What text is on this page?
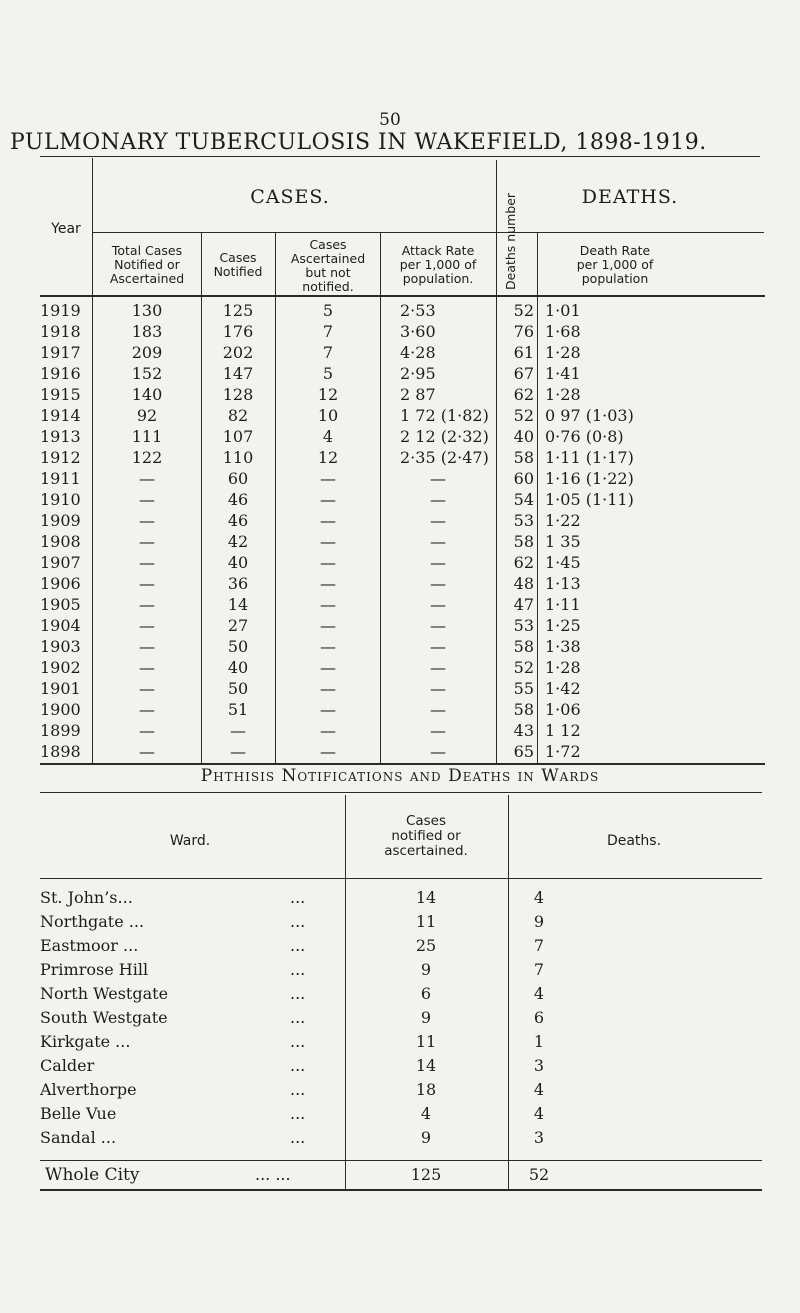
50
PULMONARY TUBERCULOSIS IN WAKEFIELD, 1898-1919.
Year
CASES.	DEATHS.
Total Cases
Notified or
Ascertained
Cases
Notified
Cases
Ascertained
but not
notified.
Attack Rate
per 1,000 of
population.	Deaths number	Death Rate
per 1,000 of
population
1919	130	125	5	2·53	52 1·01
1918	183	176	7	3·60	76 1·68
1917	209	202	7	4·28	61 1·28
1916	152	147	5	2·95	67 1·41
1915	140	128	12	2 87	62 1·28
1914	92	82	10	1 72 (1·82)	52 0 97 (1·03)
1913	111	107	4	2 12 (2·32)	40 0·76 (0·8)
1912	122	110	12	2·35 (2·47)	58 1·11 (1·17)
1911	—	60	—	—	60 1·16 (1·22)
1910	—	46	—	—	54 1·05 (1·11)
1909	—	46	—	—	53 1·22
1908	—	42	—	—	58 1 35
1907	—	40	—	—	62 1·45
1906	—	36	—	—	48 1·13
1905	—	14	—	—	47 1·11
1904	—	27	—	—	53 1·25
1903	—	50	—	—	58 1·38
1902	—	40	—	—	52 1·28
1901	—	50	—	—	55 1·42
1900	—	51	—	—	58 1·06
1899	—	—	—	—	43 1 12
1898	—	—	—	—	65 1·72
Phthisis Notifications and Deaths in Wards
Ward.
Cases
notified or
ascertained.
Deaths.
St. John’s...	...	14	4
Northgate ...	...	11	9
Eastmoor ...	...	25	7
Primrose Hill	...	9	7
North Westgate	...	6	4
South Westgate	...	9	6
Kirkgate ...	...	11	1
Calder	...	14	3
Alverthorpe	...	18	4
Belle Vue	...	4	4
Sandal ...	...	9	3
Whole City	... ...	125	52
